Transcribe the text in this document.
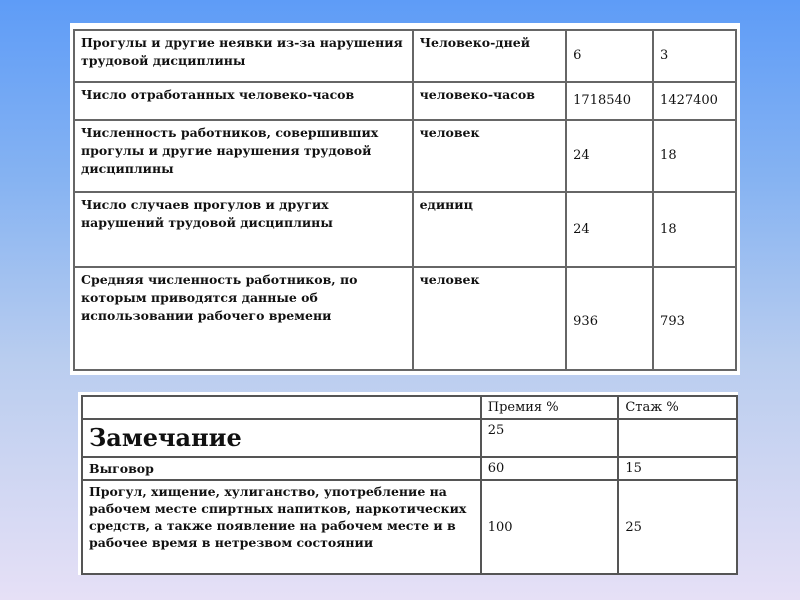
Прогулы и другие неявки из-за нарушения трудовой дисциплины	Человеко-дней	6	3
Число отработанных человеко-часов	человеко-часов	1718540	1427400
Численность работников, совершивших прогулы и другие нарушения трудовой дисциплины	человек	24	18
Число случаев прогулов и других нарушений трудовой дисциплины	единиц	24	18
Средняя численность работников, по которым приводятся данные об использовании рабочего времени	человек	936	793
	Премия %	Стаж %
Замечание	25	
Выговор	60	15
Прогул, хищение, хулиганство, употребление на рабочем месте спиртных напитков, наркотических средств, а также появление на рабочем месте и в рабочее время в нетрезвом состоянии	100	25
